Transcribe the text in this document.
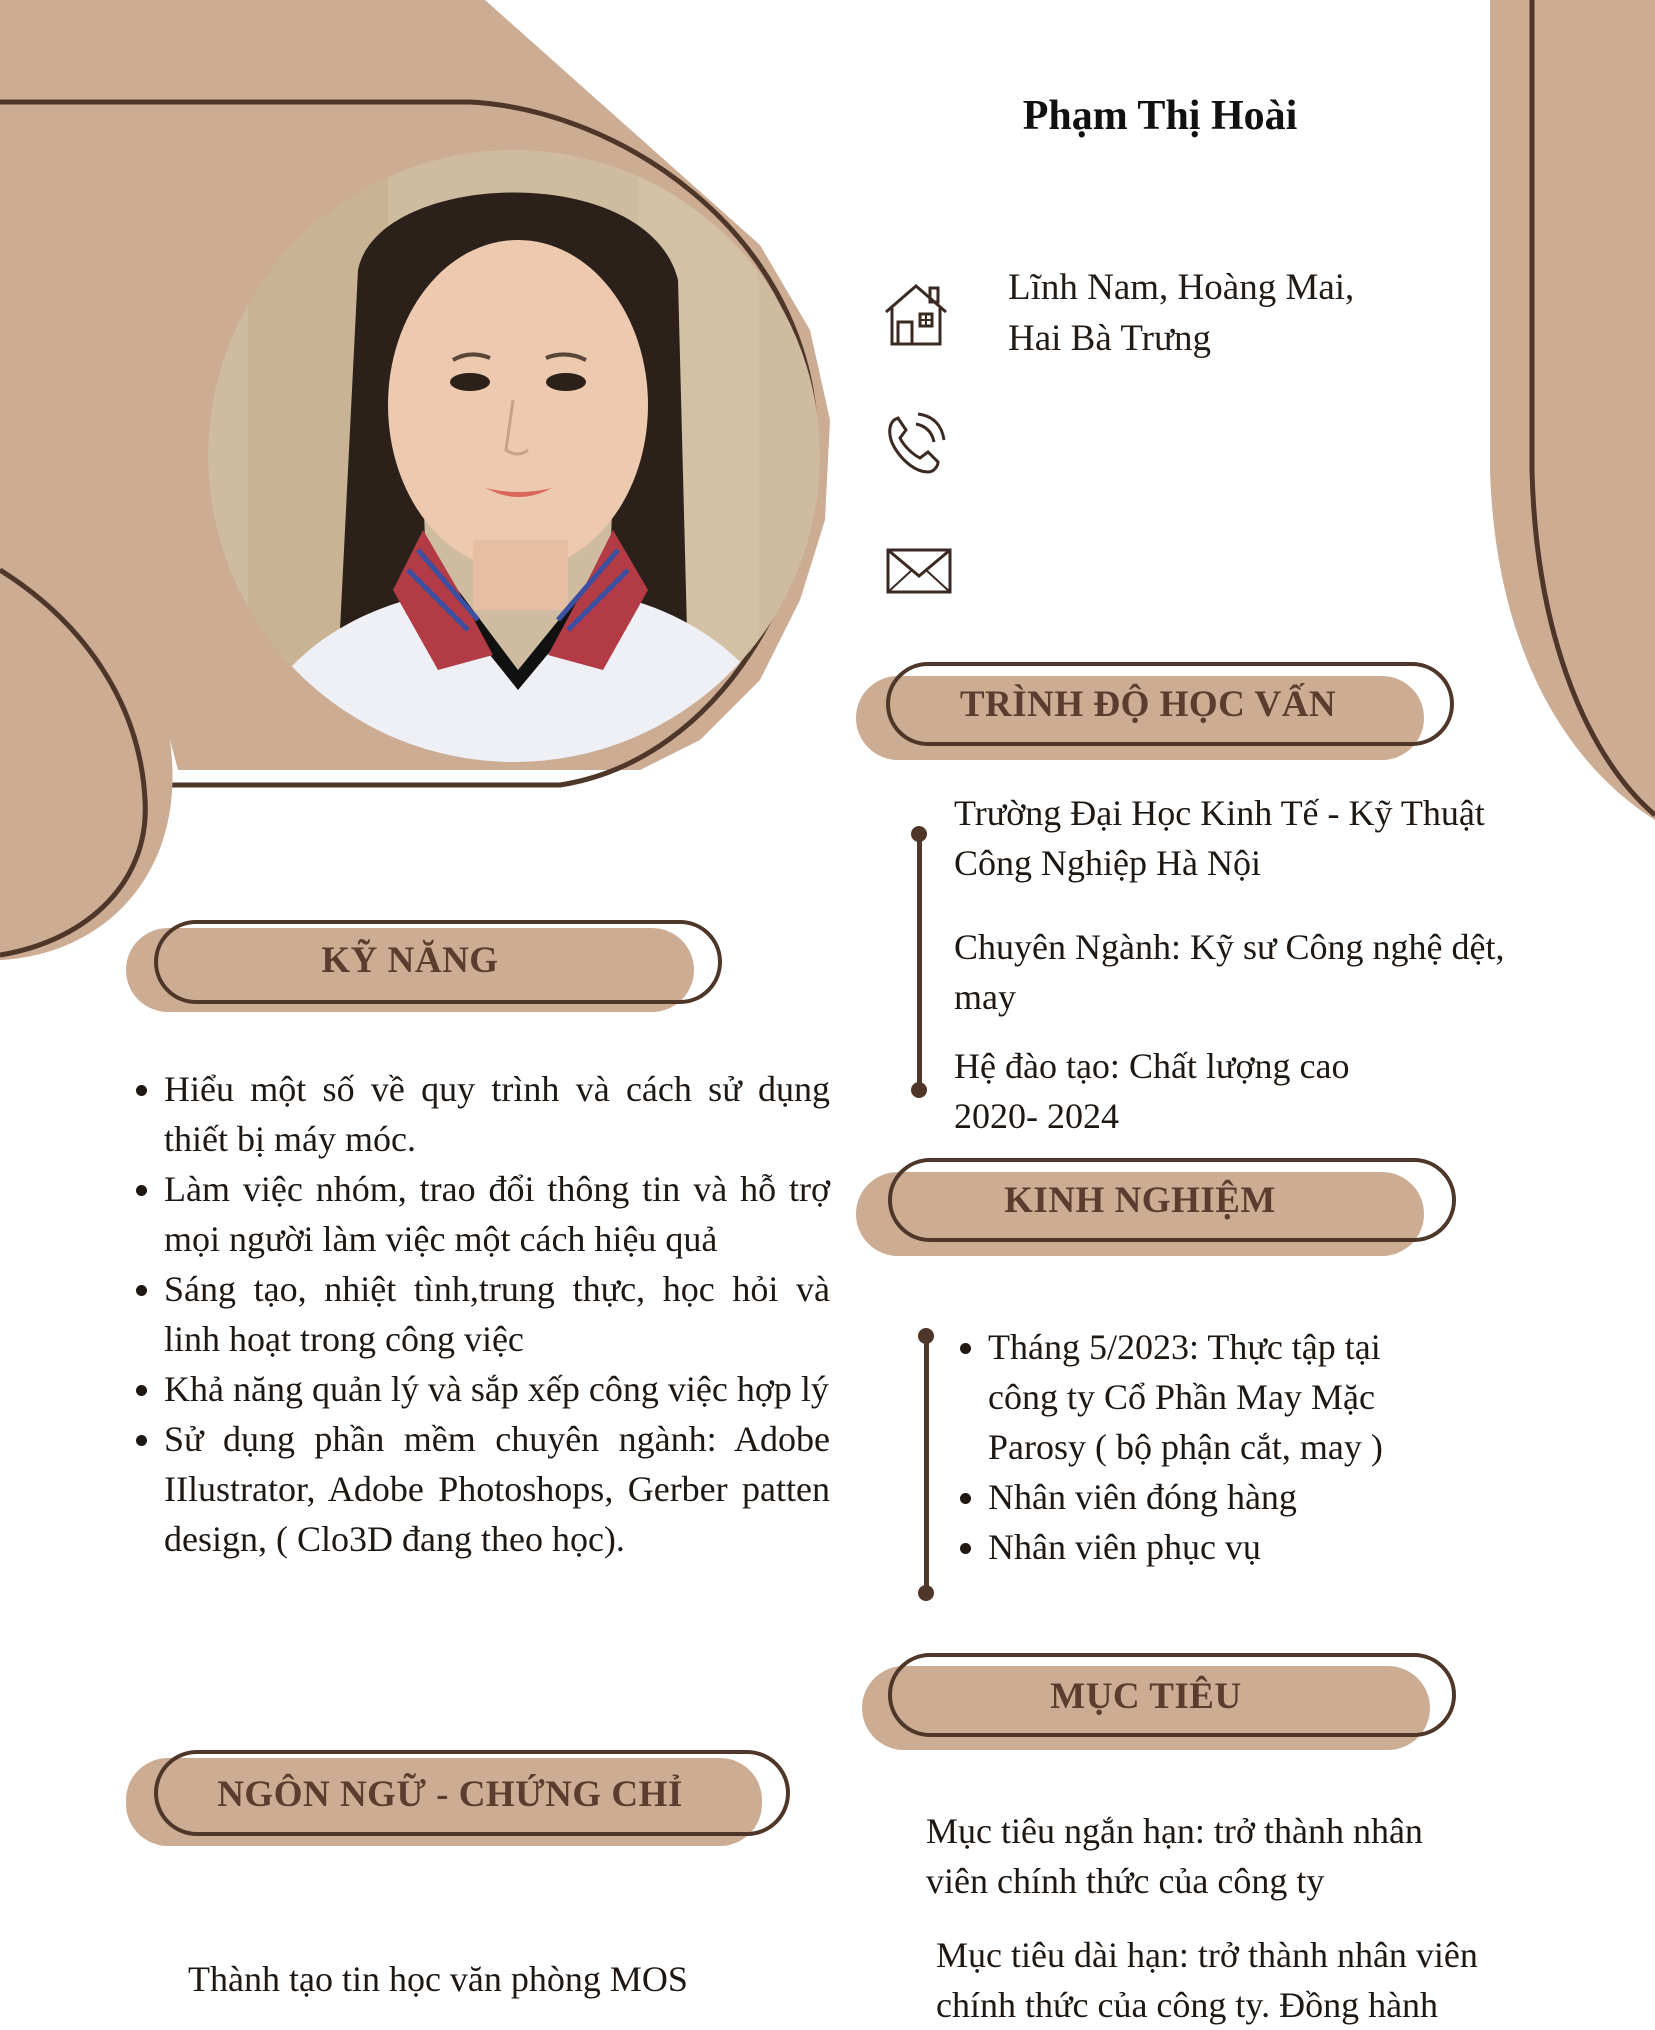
Phạm Thị Hoài
Lĩnh Nam, Hoàng Mai,
Hai Bà Trưng
TRÌNH ĐỘ HỌC VẤN
Trường Đại Học Kinh Tế - Kỹ Thuật
Công Nghiệp Hà Nội
Chuyên Ngành: Kỹ sư Công nghệ dệt,
may
Hệ đào tạo: Chất lượng cao
2020- 2024
KỸ NĂNG
• Hiểu một số về quy trình và cách sử dụng thiết bị máy móc.
• Làm việc nhóm, trao đổi thông tin và hỗ trợ mọi người làm việc một cách hiệu quả
• Sáng tạo, nhiệt tình,trung thực, học hỏi và linh hoạt trong công việc
• Khả năng quản lý và sắp xếp công việc hợp lý
• Sử dụng phần mềm chuyên ngành: Adobe IIlustrator, Adobe Photoshops, Gerber patten design, ( Clo3D đang theo học).
KINH NGHIỆM
• Tháng 5/2023: Thực tập tại công ty Cổ Phần May Mặc Parosy ( bộ phận cắt, may )
• Nhân viên đóng hàng
• Nhân viên phục vụ
MỤC TIÊU
Mục tiêu ngắn hạn: trở thành nhân
viên chính thức của công ty
Mục tiêu dài hạn: trở thành nhân viên
chính thức của công ty. Đồng hành
NGÔN NGỮ - CHỨNG CHỈ
Thành tạo tin học văn phòng MOS
